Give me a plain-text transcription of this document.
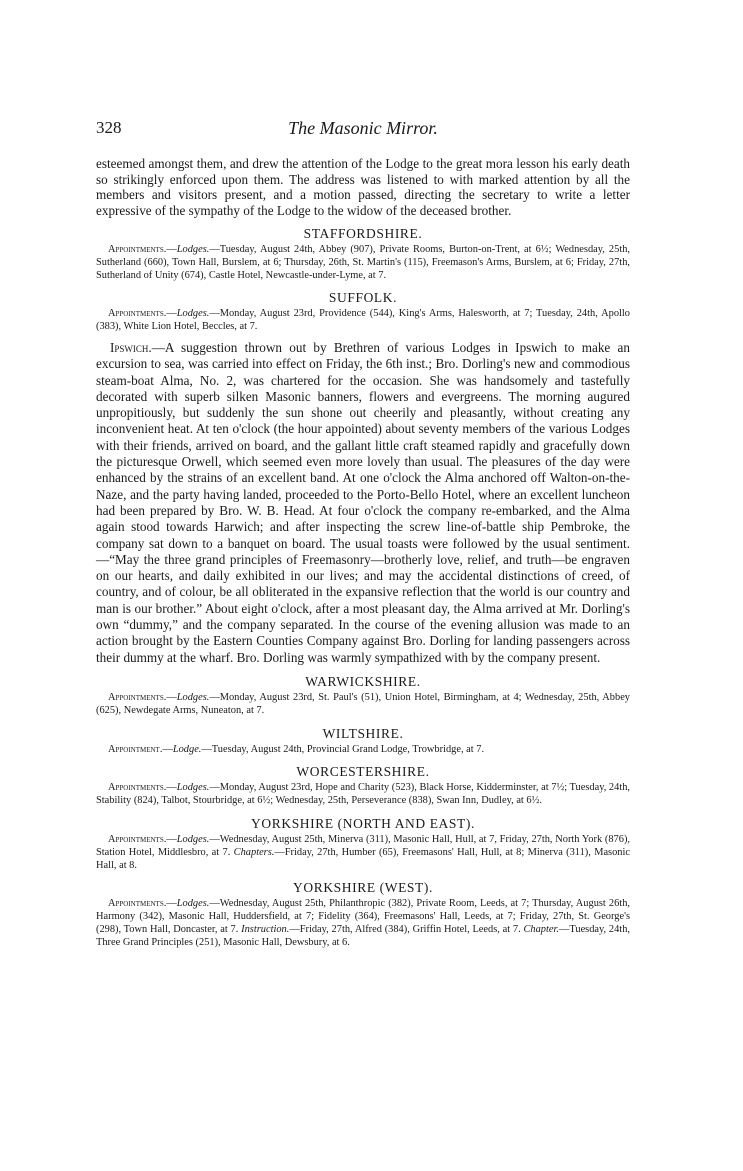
328	The Masonic Mirror.

esteemed amongst them, and drew the attention of the Lodge to the great mora lesson his early death so strikingly enforced upon them. The address was listened to with marked attention by all the members and visitors present, and a motion passed, directing the secretary to write a letter expressive of the sympathy of the Lodge to the widow of the deceased brother.

STAFFORDSHIRE.

Appointments.—Lodges.—Tuesday, August 24th, Abbey (907), Private Rooms, Burton-on-Trent, at 6½; Wednesday, 25th, Sutherland (660), Town Hall, Burslem, at 6; Thursday, 26th, St. Martin's (115), Freemason's Arms, Burslem, at 6; Friday, 27th, Sutherland of Unity (674), Castle Hotel, Newcastle-under-Lyme, at 7.

SUFFOLK.

Appointments.—Lodges.—Monday, August 23rd, Providence (544), King's Arms, Halesworth, at 7; Tuesday, 24th, Apollo (383), White Lion Hotel, Beccles, at 7.

Ipswich.—A suggestion thrown out by Brethren of various Lodges in Ipswich to make an excursion to sea, was carried into effect on Friday, the 6th inst.; Bro. Dorling's new and commodious steam-boat Alma, No. 2, was chartered for the occasion. She was handsomely and tastefully decorated with superb silken Masonic banners, flowers and evergreens. The morning augured unpropitiously, but suddenly the sun shone out cheerily and pleasantly, without creating any inconvenient heat. At ten o'clock (the hour appointed) about seventy members of the various Lodges with their friends, arrived on board, and the gallant little craft steamed rapidly and gracefully down the picturesque Orwell, which seemed even more lovely than usual. The pleasures of the day were enhanced by the strains of an excellent band. At one o'clock the Alma anchored off Walton-on-the-Naze, and the party having landed, proceeded to the Porto-Bello Hotel, where an excellent luncheon had been prepared by Bro. W. B. Head. At four o'clock the company re-embarked, and the Alma again stood towards Harwich; and after inspecting the screw line-of-battle ship Pembroke, the company sat down to a banquet on board. The usual toasts were followed by the usual sentiment.—“May the three grand principles of Freemasonry—brotherly love, relief, and truth—be engraven on our hearts, and daily exhibited in our lives; and may the accidental distinctions of creed, of country, and of colour, be all obliterated in the expansive reflection that the world is our country and man is our brother.” About eight o'clock, after a most pleasant day, the Alma arrived at Mr. Dorling's own “dummy,” and the company separated. In the course of the evening allusion was made to an action brought by the Eastern Counties Company against Bro. Dorling for landing passengers across their dummy at the wharf. Bro. Dorling was warmly sympathized with by the company present.

WARWICKSHIRE.

Appointments.—Lodges.—Monday, August 23rd, St. Paul's (51), Union Hotel, Birmingham, at 4; Wednesday, 25th, Abbey (625), Newdegate Arms, Nuneaton, at 7.

WILTSHIRE.

Appointment.—Lodge.—Tuesday, August 24th, Provincial Grand Lodge, Trowbridge, at 7.

WORCESTERSHIRE.

Appointments.—Lodges.—Monday, August 23rd, Hope and Charity (523), Black Horse, Kidderminster, at 7½; Tuesday, 24th, Stability (824), Talbot, Stourbridge, at 6½; Wednesday, 25th, Perseverance (838), Swan Inn, Dudley, at 6½.

YORKSHIRE (NORTH AND EAST).

Appointments.—Lodges.—Wednesday, August 25th, Minerva (311), Masonic Hall, Hull, at 7, Friday, 27th, North York (876), Station Hotel, Middlesbro, at 7. Chapters.—Friday, 27th, Humber (65), Freemasons' Hall, Hull, at 8; Minerva (311), Masonic Hall, at 8.

YORKSHIRE (WEST).

Appointments.—Lodges.—Wednesday, August 25th, Philanthropic (382), Private Room, Leeds, at 7; Thursday, August 26th, Harmony (342), Masonic Hall, Huddersfield, at 7; Fidelity (364), Freemasons' Hall, Leeds, at 7; Friday, 27th, St. George's (298), Town Hall, Doncaster, at 7. Instruction.—Friday, 27th, Alfred (384), Griffin Hotel, Leeds, at 7. Chapter.—Tuesday, 24th, Three Grand Principles (251), Masonic Hall, Dewsbury, at 6.
